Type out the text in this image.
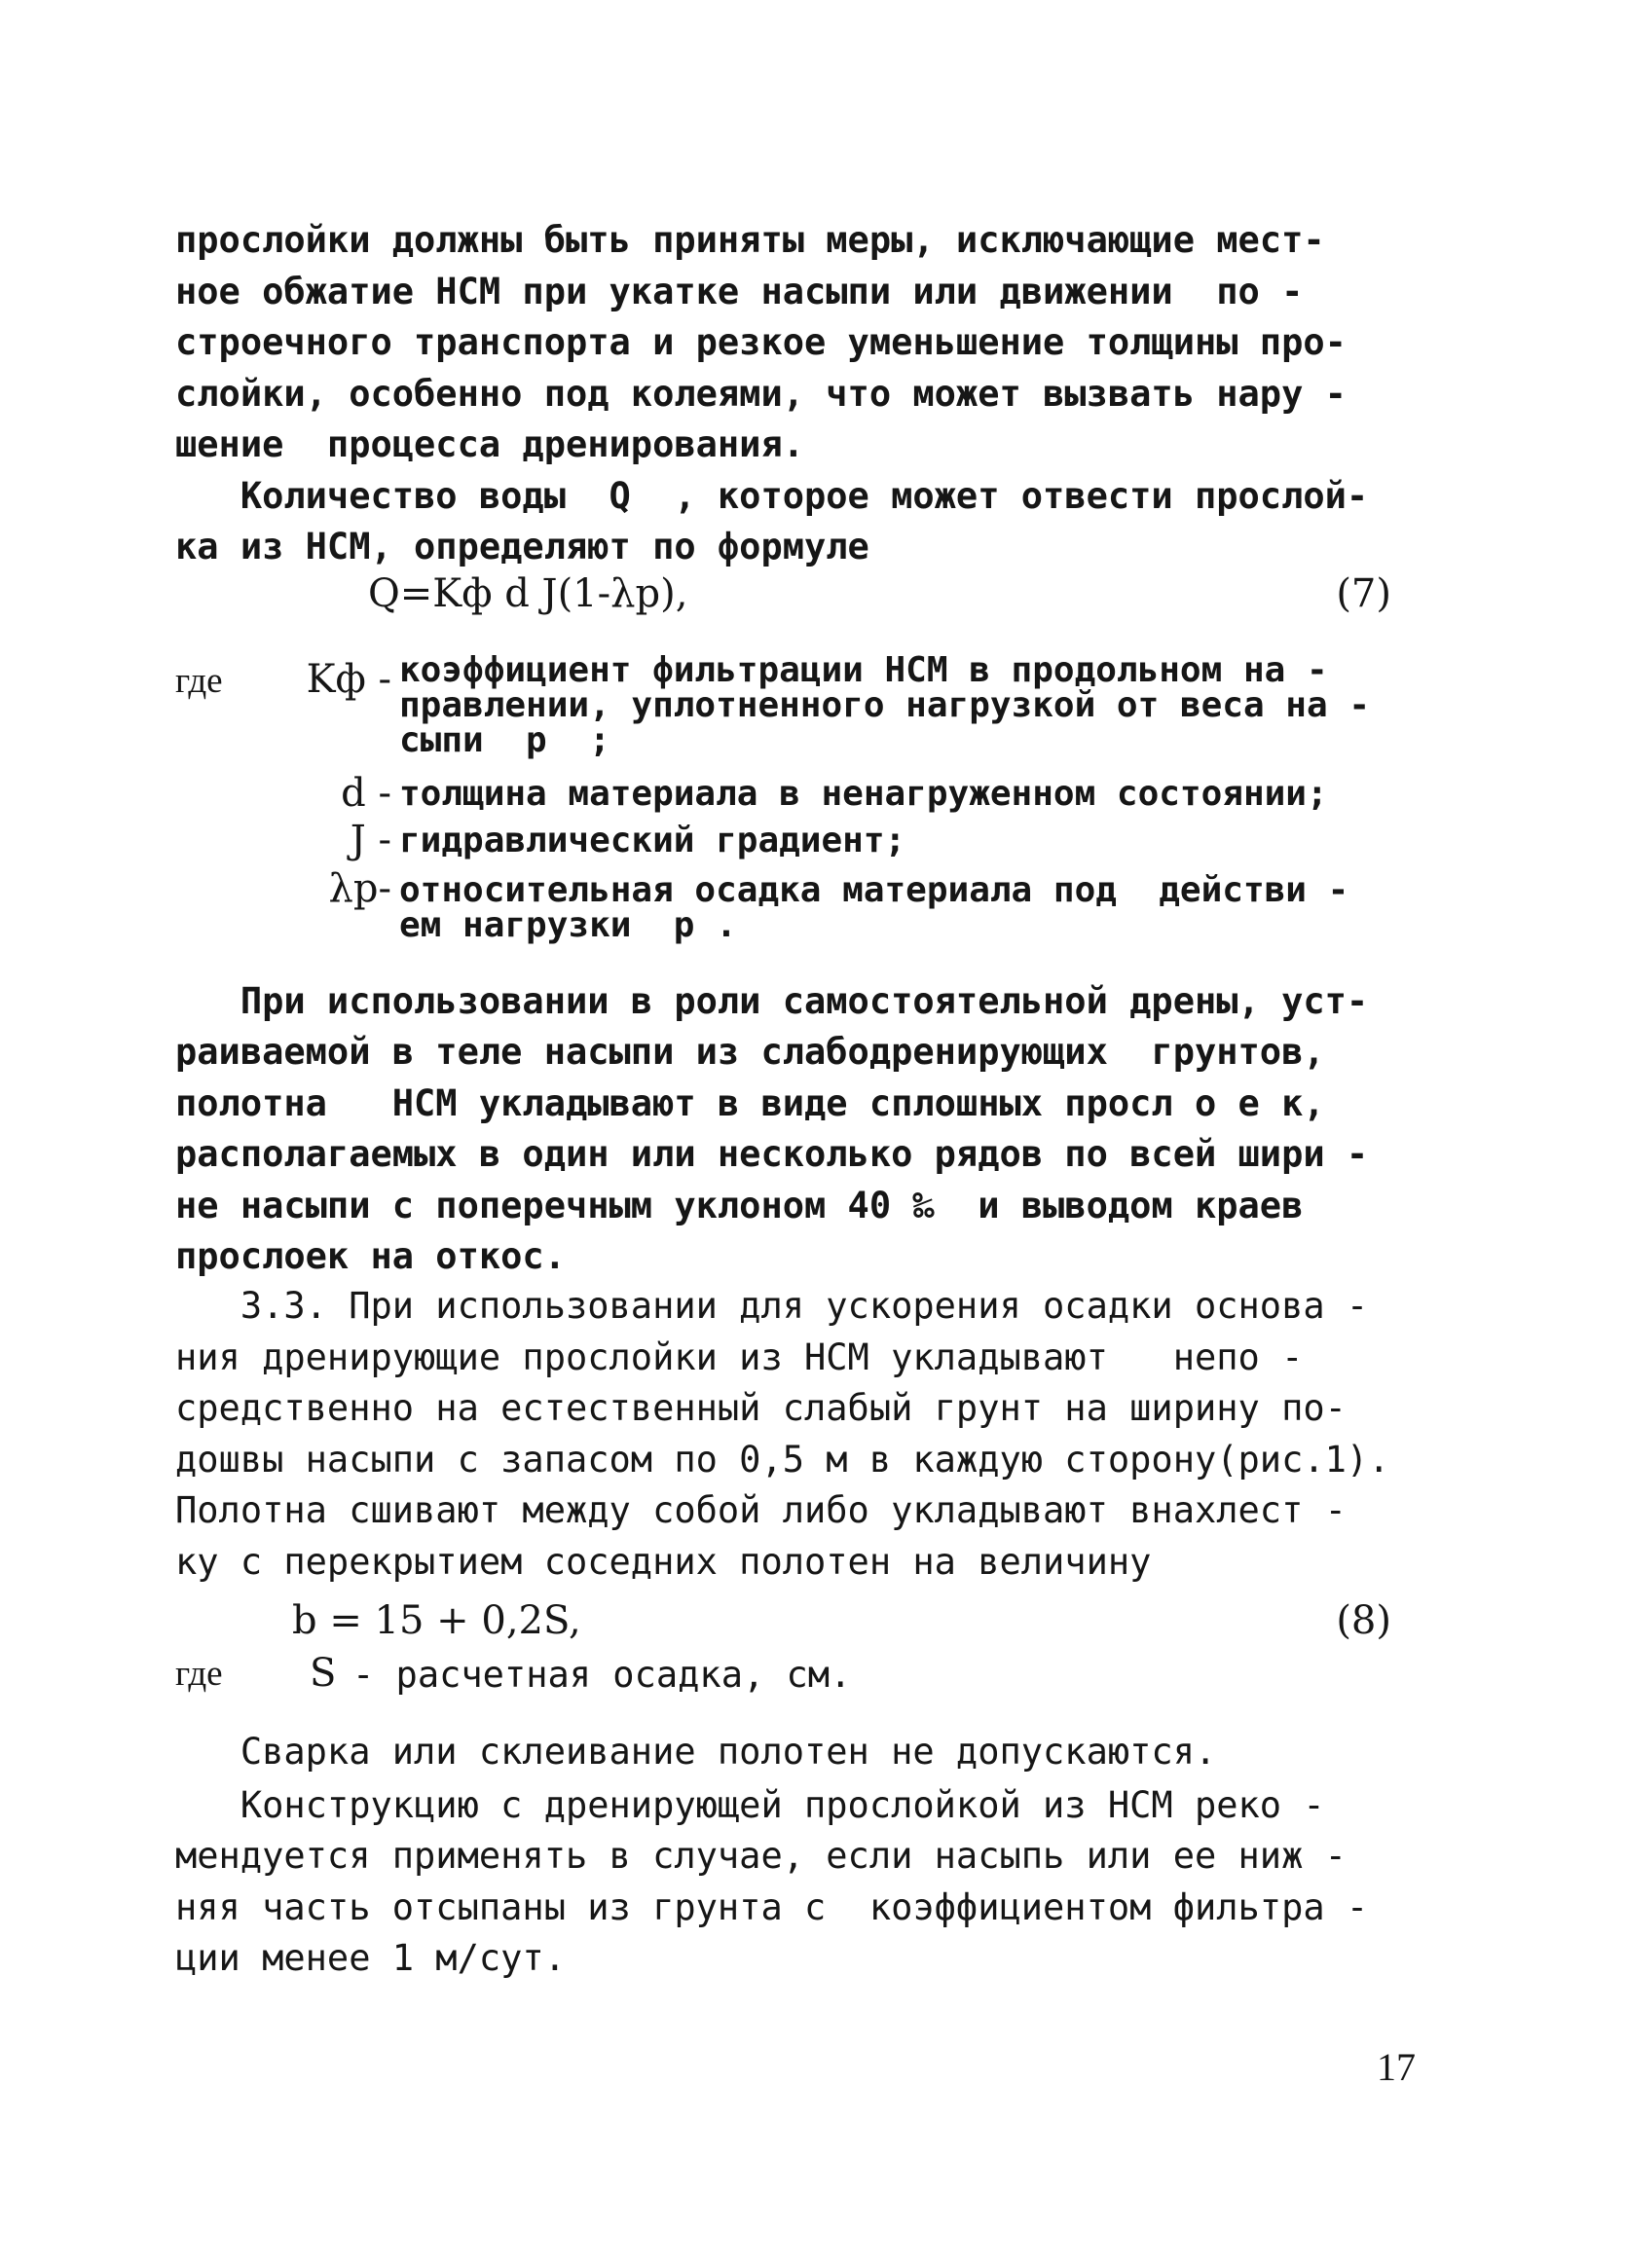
прослойки должны быть приняты меры, исключающие мест-
ное обжатие НСМ при укатке насыпи или движении  по -
строечного транспорта и резкое уменьшение толщины про-
слойки, особенно под колеями, что может вызвать нару -
шение  процесса дренирования.
Количество воды  Q  , которое может отвести прослой-
ка из НСМ, определяют по формуле
Q=Kф d J(1-λp),	(7)
где	Kф - коэффициент фильтрации НСМ в продольном на -
правлении, уплотненного нагрузкой от веса на -
сыпи  p  ;
d - толщина материала в ненагруженном состоянии;
J - гидравлический градиент;
λp- относительная осадка материала под  действи -
ем нагрузки  p .
При использовании в роли самостоятельной дрены, уст-
раиваемой в теле насыпи из слабодренирующих  грунтов,
полотна   НСМ укладывают в виде сплошных просл о е к,
располагаемых в один или несколько рядов по всей шири -
не насыпи с поперечным уклоном 40 ‰  и выводом краев
прослоек на откос.
3.3. При использовании для ускорения осадки основа -
ния дренирующие прослойки из НСМ укладывают   непо -
средственно на естественный слабый грунт на ширину по-
дошвы насыпи с запасом по 0,5 м в каждую сторону(рис.1).
Полотна сшивают между собой либо укладывают внахлест -
ку с перекрытием соседних полотен на величину
b = 15 + 0,2S,	(8)
где S - расчетная осадка, см.
Сварка или склеивание полотен не допускаются.
Конструкцию с дренирующей прослойкой из НСМ реко -
мендуется применять в случае, если насыпь или ее ниж -
няя часть отсыпаны из грунта с  коэффициентом фильтра -
ции менее 1 м/сут.
17
